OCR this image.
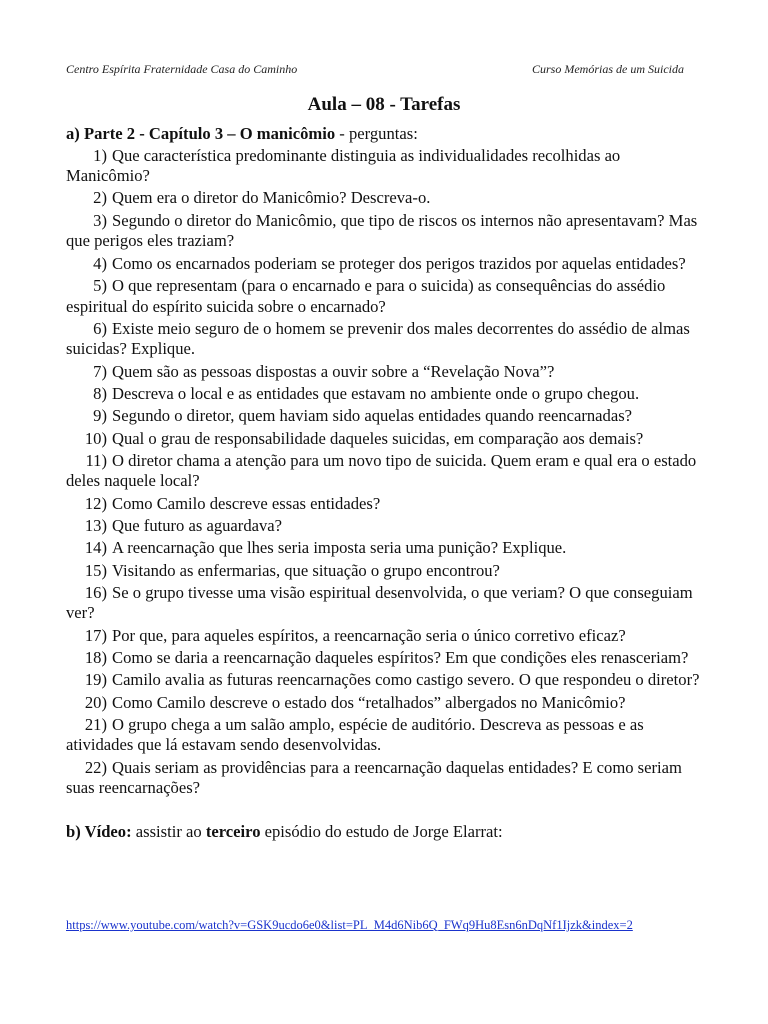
Centro Espírita Fraternidade Casa do Caminho	Curso Memórias de um Suicida
Aula – 08 - Tarefas
a) Parte 2 - Capítulo 3 – O manicômio - perguntas:
1) Que característica predominante distinguia as individualidades recolhidas ao Manicômio?
2) Quem era o diretor do Manicômio? Descreva-o.
3) Segundo o diretor do Manicômio, que tipo de riscos os internos não apresentavam? Mas que perigos eles traziam?
4) Como os encarnados poderiam se proteger dos perigos trazidos por aquelas entidades?
5) O que representam (para o encarnado e para o suicida) as consequências do assédio espiritual do espírito suicida sobre o encarnado?
6) Existe meio seguro de o homem se prevenir dos males decorrentes do assédio de almas suicidas? Explique.
7) Quem são as pessoas dispostas a ouvir sobre a “Revelação Nova”?
8) Descreva o local e as entidades que estavam no ambiente onde o grupo chegou.
9) Segundo o diretor, quem haviam sido aquelas entidades quando reencarnadas?
10) Qual o grau de responsabilidade daqueles suicidas, em comparação aos demais?
11) O diretor chama a atenção para um novo tipo de suicida. Quem eram e qual era o estado deles naquele local?
12) Como Camilo descreve essas entidades?
13) Que futuro as aguardava?
14) A reencarnação que lhes seria imposta seria uma punição? Explique.
15) Visitando as enfermarias, que situação o grupo encontrou?
16) Se o grupo tivesse uma visão espiritual desenvolvida, o que veriam? O que conseguiam ver?
17) Por que, para aqueles espíritos, a reencarnação seria o único corretivo eficaz?
18) Como se daria a reencarnação daqueles espíritos? Em que condições eles renasceriam?
19) Camilo avalia as futuras reencarnações como castigo severo. O que respondeu o diretor?
20) Como Camilo descreve o estado dos “retalhados” albergados no Manicômio?
21) O grupo chega a um salão amplo, espécie de auditório. Descreva as pessoas e as atividades que lá estavam sendo desenvolvidas.
22) Quais seriam as providências para a reencarnação daquelas entidades? E como seriam suas reencarnações?
b) Vídeo: assistir ao terceiro episódio do estudo de Jorge Elarrat:
https://www.youtube.com/watch?v=GSK9ucdo6e0&list=PL_M4d6Nib6Q_FWq9Hu8Esn6nDqNf1Ijzk&index=2
